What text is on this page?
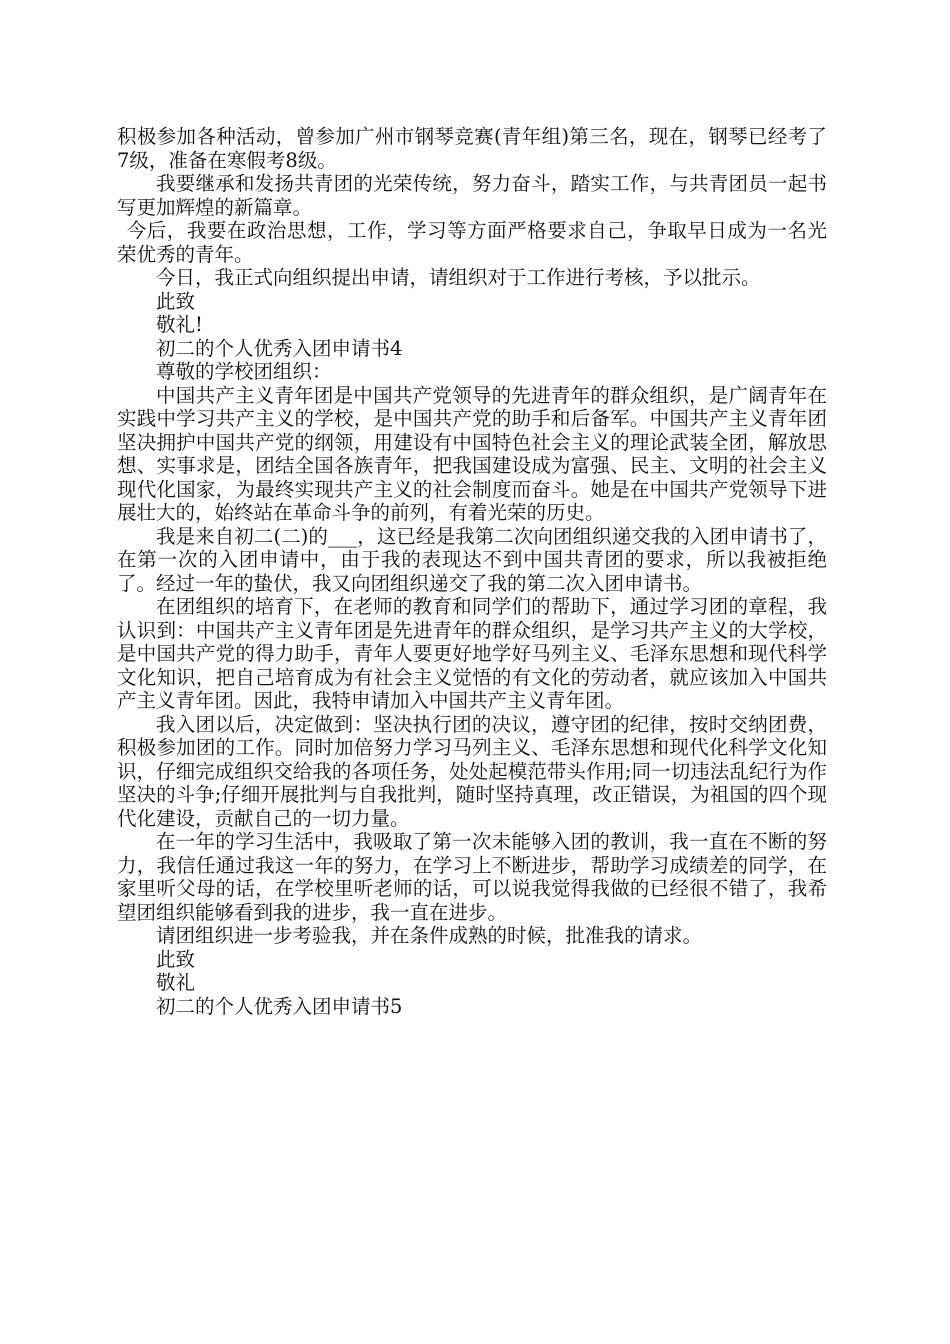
积极参加各种活动，曾参加广州市钢琴竞赛(青年组)第三名，现在，钢琴已经考了7级，准备在寒假考8级。

我要继承和发扬共青团的光荣传统，努力奋斗，踏实工作，与共青团员一起书写更加辉煌的新篇章。

今后，我要在政治思想，工作，学习等方面严格要求自己，争取早日成为一名光荣优秀的青年。

今日，我正式向组织提出申请，请组织对于工作进行考核，予以批示。

此致

敬礼!

初二的个人优秀入团申请书4

尊敬的学校团组织：

中国共产主义青年团是中国共产党领导的先进青年的群众组织，是广阔青年在实践中学习共产主义的学校，是中国共产党的助手和后备军。中国共产主义青年团坚决拥护中国共产党的纲领，用建设有中国特色社会主义的理论武装全团，解放思想、实事求是，团结全国各族青年，把我国建设成为富强、民主、文明的社会主义现代化国家，为最终实现共产主义的社会制度而奋斗。她是在中国共产党领导下进展壮大的，始终站在革命斗争的前列，有着光荣的历史。

我是来自初二(二)的___，这已经是我第二次向团组织递交我的入团申请书了，在第一次的入团申请中，由于我的表现达不到中国共青团的要求，所以我被拒绝了。经过一年的蛰伏，我又向团组织递交了我的第二次入团申请书。

在团组织的培育下，在老师的教育和同学们的帮助下，通过学习团的章程，我认识到：中国共产主义青年团是先进青年的群众组织，是学习共产主义的大学校，是中国共产党的得力助手，青年人要更好地学好马列主义、毛泽东思想和现代科学文化知识，把自己培育成为有社会主义觉悟的有文化的劳动者，就应该加入中国共产主义青年团。因此，我特申请加入中国共产主义青年团。

我入团以后，决定做到：坚决执行团的决议，遵守团的纪律，按时交纳团费，积极参加团的工作。同时加倍努力学习马列主义、毛泽东思想和现代化科学文化知识，仔细完成组织交给我的各项任务，处处起模范带头作用;同一切违法乱纪行为作坚决的斗争;仔细开展批判与自我批判，随时坚持真理，改正错误，为祖国的四个现代化建设，贡献自己的一切力量。

在一年的学习生活中，我吸取了第一次未能够入团的教训，我一直在不断的努力，我信任通过我这一年的努力，在学习上不断进步，帮助学习成绩差的同学，在家里听父母的话，在学校里听老师的话，可以说我觉得我做的已经很不错了，我希望团组织能够看到我的进步，我一直在进步。

请团组织进一步考验我，并在条件成熟的时候，批准我的请求。

此致

敬礼

初二的个人优秀入团申请书5
